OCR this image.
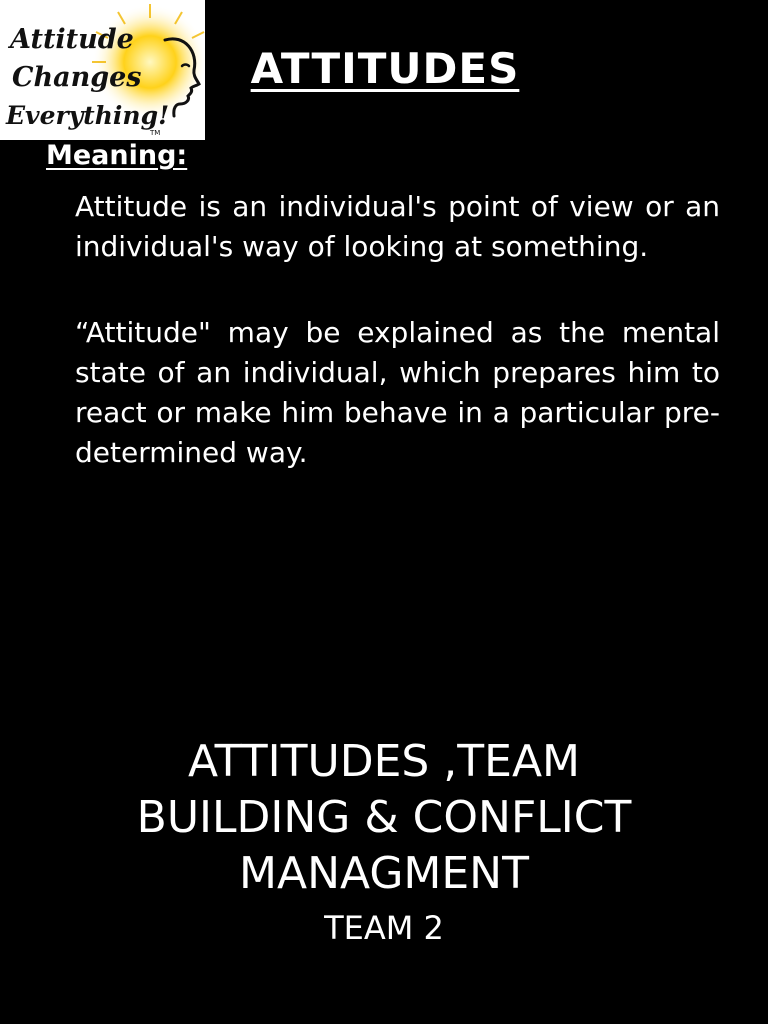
Attitude
Changes
Everything!
TM
ATTITUDES
Meaning:

Attitude is an individual's point of view or an individual's way of looking at something.

“Attitude" may be explained as the mental state of an individual, which prepares him to react or make him behave in a particular pre-determined way.

ATTITUDES ,TEAM
BUILDING & CONFLICT
MANAGMENT
TEAM 2
